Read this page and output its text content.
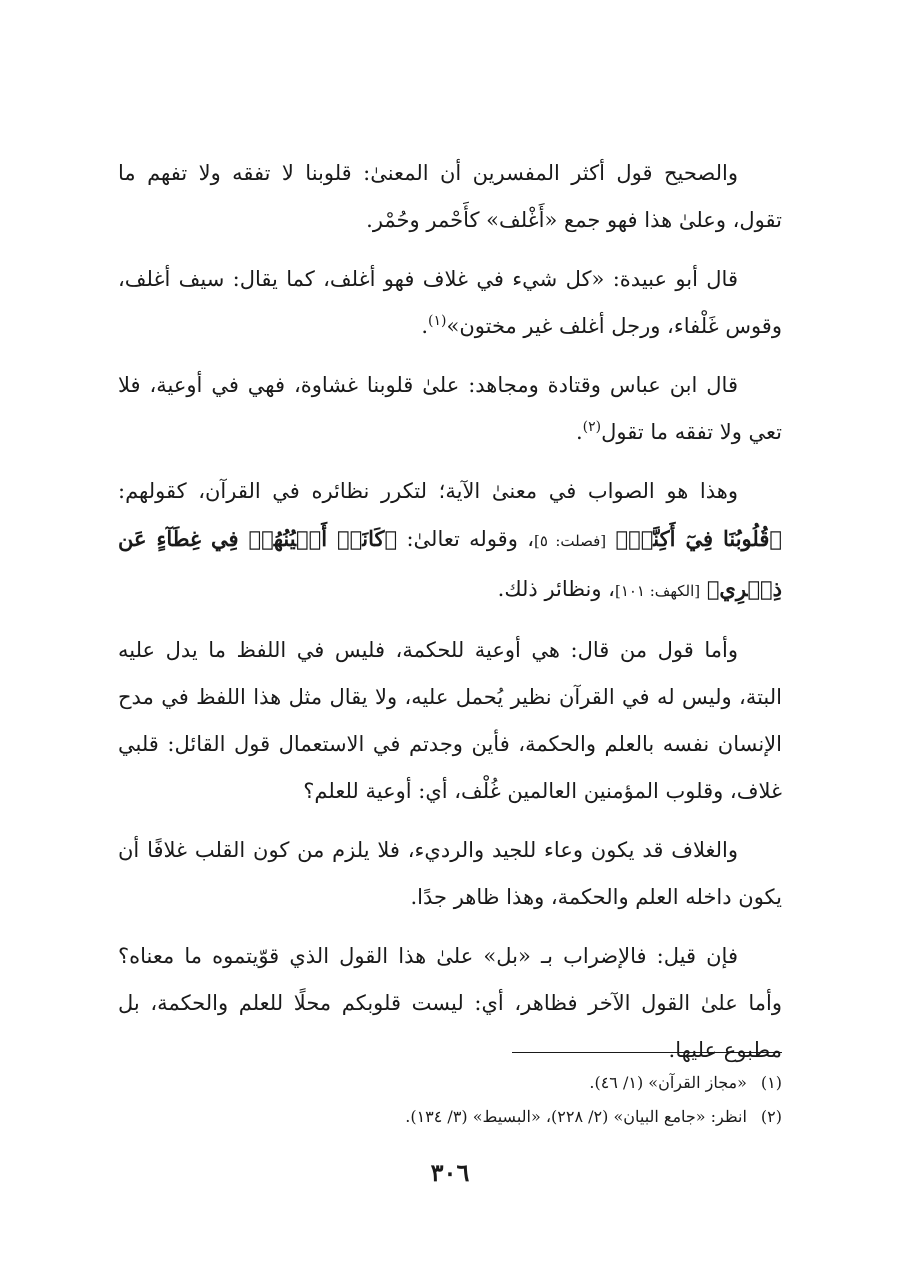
والصحيح قول أكثر المفسرين أن المعنىٰ: قلوبنا لا تفقه ولا تفهم ما تقول، وعلىٰ هذا فهو جمع «أَغْلف» كأَحْمر وحُمْر.

قال أبو عبيدة: «كل شيء في غلاف فهو أغلف، كما يقال: سيف أغلف، وقوس غَلْفاء، ورجل أغلف غير مختون»$^{(١)}$.

قال ابن عباس وقتادة ومجاهد: علىٰ قلوبنا غشاوة، فهي في أوعية، فلا تعي ولا تفقه ما تقول$^{(٢)}$.

وهذا هو الصواب في معنىٰ الآية؛ لتكرر نظائره في القرآن، كقولهم: ﴿قُلُوبُنَا فِيٓ أَكِنَّةٖ﴾ [فصلت: ٥]، وقوله تعالىٰ: ﴿كَانَتۡ أَعۡيُنُهُمۡ فِي غِطَآءٍ عَن ذِكۡرِي﴾ [الكهف: ١٠١]، ونظائر ذلك.

وأما قول من قال: هي أوعية للحكمة، فليس في اللفظ ما يدل عليه البتة، وليس له في القرآن نظير يُحمل عليه، ولا يقال مثل هذا اللفظ في مدح الإنسان نفسه بالعلم والحكمة، فأين وجدتم في الاستعمال قول القائل: قلبي غلاف، وقلوب المؤمنين العالمين غُلْف، أي: أوعية للعلم؟

والغلاف قد يكون وعاء للجيد والرديء، فلا يلزم من كون القلب غلافًا أن يكون داخله العلم والحكمة، وهذا ظاهر جدًا.

فإن قيل: فالإضراب بـ «بل» علىٰ هذا القول الذي قوّيتموه ما معناه؟ وأما علىٰ القول الآخر فظاهر، أي: ليست قلوبكم محلًا للعلم والحكمة، بل مطبوع عليها.

(١)«مجاز القرآن» (١/ ٤٦).

(٢)انظر: «جامع البيان» (٢/ ٢٢٨)، «البسيط» (٣/ ١٣٤).

٣٠٦
